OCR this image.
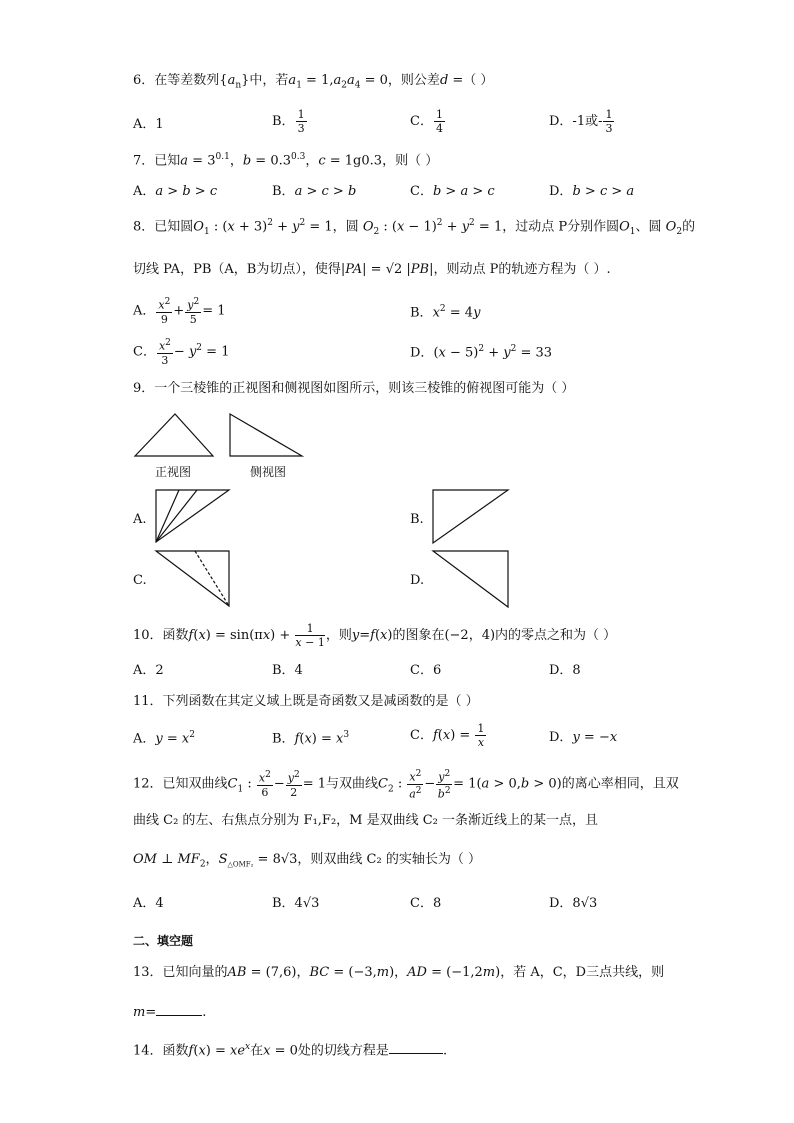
6．在等差数列$\{a_n\}$中，若$a_1 = 1,a_2a_4 = 0$，则公差d =（ ）
A．1	B． $\frac{1}{3}$	C． $\frac{1}{4}$	D．-1或- $\frac{1}{3}$
7．已知$a = 3^{0.1}$，$b = 0.3^{0.3}$，c = 1g0.3，则（ ）
A．a > b > c	B．a > c > b	C．b > a > c	D．b > c > a
8．已知圆$O_1$ : $(x + 3)^2 + y^2 = 1$，圆 $O_2$ : $(x - 1)^2 + y^2 = 1$，过动点 P分别作圆$O_1$、圆 $O_2$的
切线 PA，PB（A，B为切点），使得|PA| = √2 |PB|，则动点 P的轨迹方程为（ ）.
A． $\frac{x^2}{9} + \frac{y^2}{5} = 1$	B．$x^2 = 4y$
C． $\frac{x^2}{3} - y^2 = 1$	D．$(x - 5)^2 + y^2 = 33$
9．一个三棱锥的正视图和侧视图如图所示，则该三棱锥的俯视图可能为（ ）
正视图	侧视图
A.	B.
C.	D.
10．函数$f(x) = \sin(\pi x) + \frac{1}{x - 1}$ ，则y=f(x)的图象在(−2，4)内的零点之和为（ ）
A．2	B．4	C．6	D．8
11．下列函数在其定义域上既是奇函数又是减函数的是（ ）
A．$y = x^2$	B．$f(x) = x^3$	C．$f(x) = \frac{1}{x}$	D．y = −x
12．已知双曲线$C_1$ : $\frac{x^2}{6} - \frac{y^2}{2} = 1$与双曲线$C_2$ : $\frac{x^2}{a^2} - \frac{y^2}{b^2} = 1(a > 0,b > 0)$的离心率相同，且双
曲线 C₂ 的左、右焦点分别为 F₁,F₂，M 是双曲线 C₂ 一条渐近线上的某一点，且
OM ⊥ $MF_2$，$S_{\triangle OMF_2} = 8√3$，则双曲线 C₂ 的实轴长为（ ）
A．4	B．4√3	C．8	D．8√3
二、填空题
13．已知向量的AB = (7,6)，BC = (−3,m)，AD = (−1,2m)，若 A，C，D三点共线，则
m=	.
14．函数$f(x) = xe^x$在x = 0处的切线方程是	.
